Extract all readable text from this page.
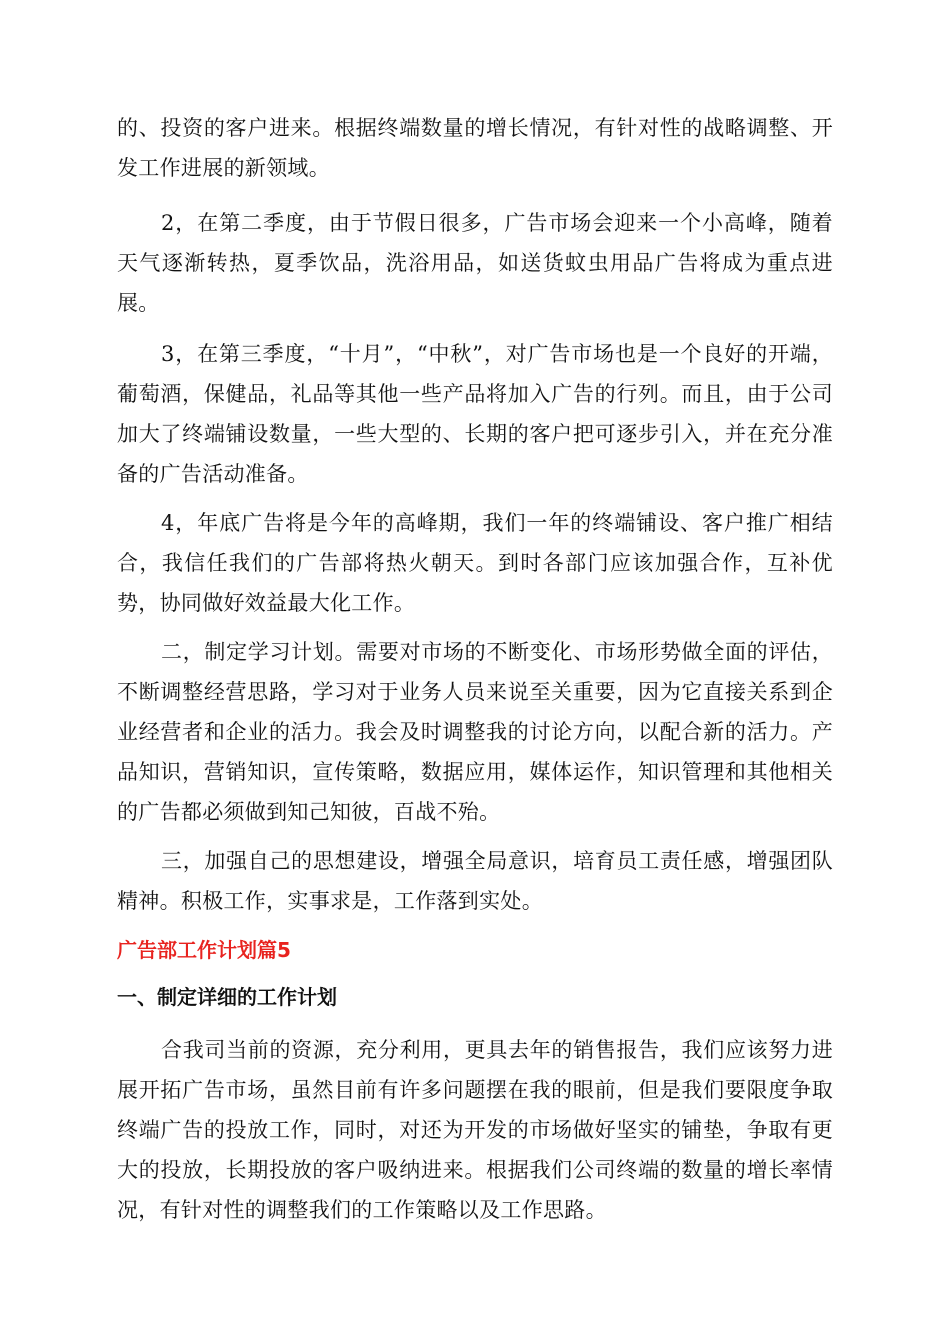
的、投资的客户进来。根据终端数量的增长情况，有针对性的战略调整、开发工作进展的新领域。

2，在第二季度，由于节假日很多，广告市场会迎来一个小高峰，随着天气逐渐转热，夏季饮品，洗浴用品，如送货蚊虫用品广告将成为重点进展。

3，在第三季度，“十月”，“中秋”，对广告市场也是一个良好的开端，葡萄酒，保健品，礼品等其他一些产品将加入广告的行列。而且，由于公司加大了终端铺设数量，一些大型的、长期的客户把可逐步引入，并在充分准备的广告活动准备。

4，年底广告将是今年的高峰期，我们一年的终端铺设、客户推广相结合，我信任我们的广告部将热火朝天。到时各部门应该加强合作，互补优势，协同做好效益最大化工作。

二，制定学习计划。需要对市场的不断变化、市场形势做全面的评估，不断调整经营思路，学习对于业务人员来说至关重要，因为它直接关系到企业经营者和企业的活力。我会及时调整我的讨论方向，以配合新的活力。产品知识，营销知识，宣传策略，数据应用，媒体运作，知识管理和其他相关的广告都必须做到知己知彼，百战不殆。

三，加强自己的思想建设，增强全局意识，培育员工责任感，增强团队精神。积极工作，实事求是，工作落到实处。

广告部工作计划篇5
一、制定详细的工作计划

合我司当前的资源，充分利用，更具去年的销售报告，我们应该努力进展开拓广告市场，虽然目前有许多问题摆在我的眼前，但是我们要限度争取终端广告的投放工作，同时，对还为开发的市场做好坚实的铺垫，争取有更大的投放，长期投放的客户吸纳进来。根据我们公司终端的数量的增长率情况，有针对性的调整我们的工作策略以及工作思路。
